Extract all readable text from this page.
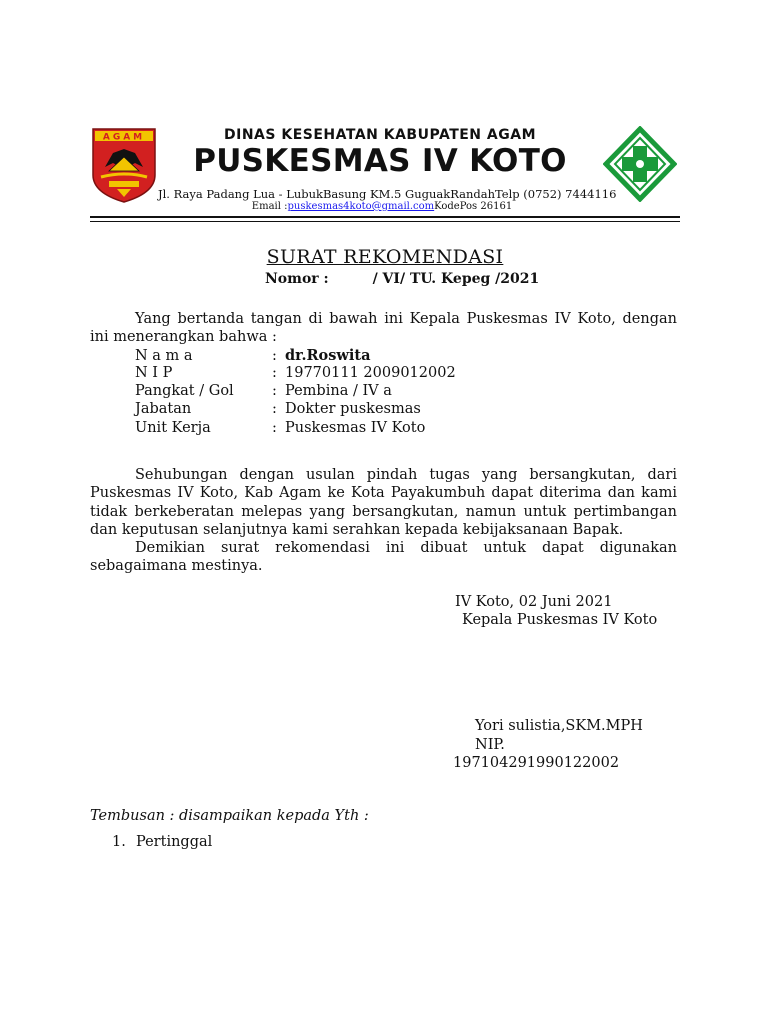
AGAM	DINAS KESEHATAN KABUPATEN AGAM
PUSKESMAS IV KOTO
Jl. Raya Padang Lua - LubukBasung KM.5 GuguakRandahTelp (0752) 7444116
Email :puskesmas4koto@gmail.comKodePos 26161
SURAT REKOMENDASI
Nomor :         / VI/ TU. Kepeg /2021
Yang bertanda tangan di bawah ini Kepala Puskesmas IV Koto, dengan ini menerangkan bahwa :
N a m a	: dr.Roswita
N I P	: 19770111 2009012002
Pangkat / Gol	: Pembina / IV a
Jabatan	: Dokter puskesmas
Unit Kerja	: Puskesmas IV Koto
Sehubungan dengan usulan pindah tugas yang bersangkutan, dari Puskesmas IV Koto, Kab Agam ke Kota Payakumbuh dapat diterima dan kami tidak berkeberatan melepas yang bersangkutan, namun untuk pertimbangan dan keputusan selanjutnya kami serahkan kepada kebijaksanaan Bapak.
Demikian surat rekomendasi ini dibuat untuk dapat digunakan sebagaimana mestinya.
IV Koto, 02 Juni 2021
Kepala Puskesmas IV Koto
Yori sulistia,SKM.MPH
NIP.
197104291990122002
Tembusan : disampaikan kepada Yth :
1. Pertinggal
